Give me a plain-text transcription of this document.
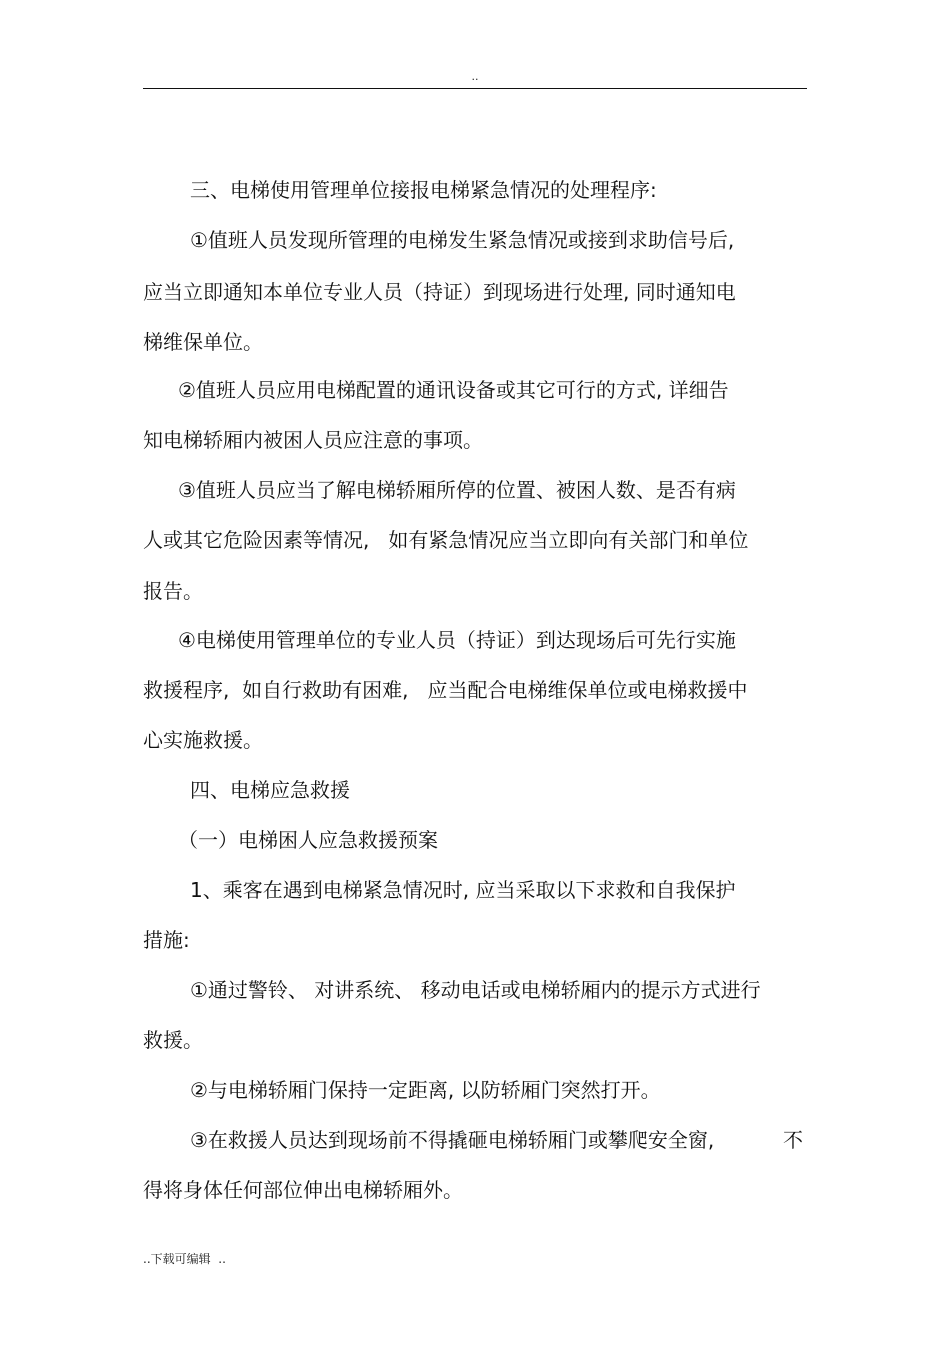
..
三、电梯使用管理单位接报电梯紧急情况的处理程序:
①值班人员发现所管理的电梯发生紧急情况或接到求助信号后,
应当立即通知本单位专业人员（持证）到现场进行处理, 同时通知电
梯维保单位。
②值班人员应用电梯配置的通讯设备或其它可行的方式, 详细告
知电梯轿厢内被困人员应注意的事项。
③值班人员应当了解电梯轿厢所停的位置、被困人数、是否有病
人或其它危险因素等情况,   如有紧急情况应当立即向有关部门和单位
报告。
④电梯使用管理单位的专业人员（持证）到达现场后可先行实施
救援程序,  如自行救助有困难,   应当配合电梯维保单位或电梯救援中
心实施救援。
四、电梯应急救援
（一）电梯困人应急救援预案
1、乘客在遇到电梯紧急情况时, 应当采取以下求救和自我保护
措施:
①通过警铃、 对讲系统、 移动电话或电梯轿厢内的提示方式进行
救援。
②与电梯轿厢门保持一定距离, 以防轿厢门突然打开。
③在救援人员达到现场前不得撬砸电梯轿厢门或攀爬安全窗,	不
得将身体任何部位伸出电梯轿厢外。
..下载可编辑  ..
